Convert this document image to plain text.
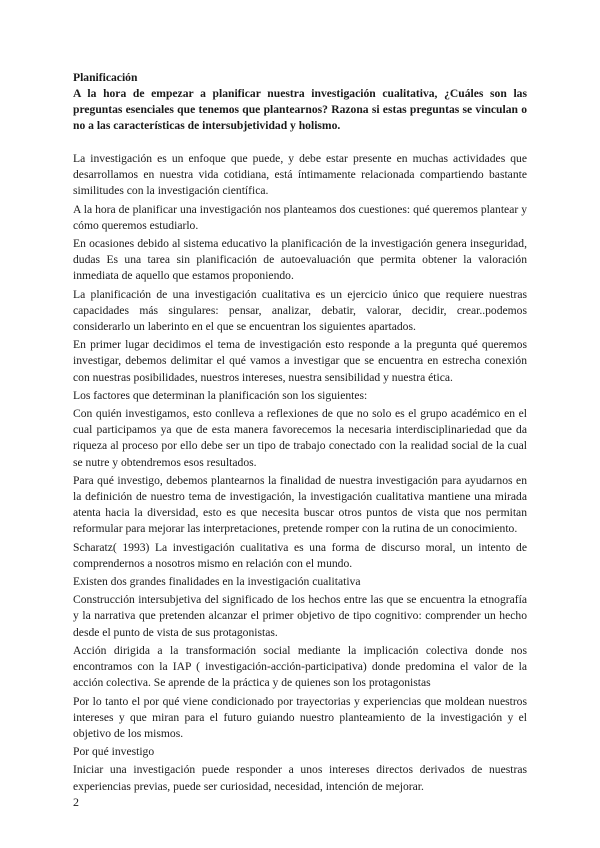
Planificación

A la hora de empezar a planificar nuestra investigación cualitativa, ¿Cuáles son las preguntas esenciales que tenemos que plantearnos? Razona si estas preguntas se vinculan o no a las características de intersubjetividad y holismo.

La investigación es un enfoque que puede, y debe estar presente en muchas actividades que desarrollamos en nuestra vida cotidiana, está íntimamente relacionada compartiendo bastante similitudes con la investigación científica.

A la hora de planificar una investigación nos planteamos dos cuestiones: qué queremos plantear y cómo queremos estudiarlo.

En ocasiones debido al sistema educativo la planificación de la investigación genera inseguridad, dudas Es una tarea sin planificación de autoevaluación que permita obtener la valoración inmediata de aquello que estamos proponiendo.

La planificación de una investigación cualitativa es un ejercicio único que requiere nuestras capacidades más singulares: pensar, analizar, debatir, valorar, decidir, crear..podemos considerarlo un laberinto en el que se encuentran los siguientes apartados.

En primer lugar decidimos el tema de investigación esto responde a la pregunta qué queremos investigar, debemos delimitar el qué vamos a investigar que se encuentra en estrecha conexión con nuestras posibilidades, nuestros intereses, nuestra sensibilidad y nuestra ética.

Los factores que determinan la planificación son los siguientes:

Con quién investigamos, esto conlleva a reflexiones de que no solo es el grupo académico en el cual participamos ya que de esta manera favorecemos la necesaria interdisciplinariedad que da riqueza al proceso por ello debe ser un tipo de trabajo conectado con la realidad social de la cual se nutre y obtendremos esos resultados.

Para qué investigo, debemos plantearnos la finalidad de nuestra investigación para ayudarnos en la definición de nuestro tema de investigación, la investigación cualitativa mantiene una mirada atenta hacia la diversidad, esto es que necesita buscar otros puntos de vista que nos permitan reformular para mejorar las interpretaciones, pretende romper con la rutina de un conocimiento.

Scharatz( 1993) La investigación cualitativa es una forma de discurso moral, un intento de comprendernos a nosotros mismo en relación con el mundo.

Existen dos grandes finalidades en la investigación cualitativa

Construcción intersubjetiva del significado de los hechos entre las que se encuentra la etnografía y la narrativa que pretenden alcanzar el primer objetivo de tipo cognitivo: comprender un hecho desde el punto de vista de sus protagonistas.

Acción dirigida a la transformación social mediante la implicación colectiva donde nos encontramos con la IAP ( investigación-acción-participativa) donde predomina el valor de la acción colectiva. Se aprende de la práctica y de quienes son los protagonistas

Por lo tanto el por qué viene condicionado por trayectorias y experiencias que moldean nuestros intereses y que miran para el futuro guiando nuestro planteamiento de la investigación y el objetivo de los mismos.

Por qué investigo

Iniciar una investigación puede responder a unos intereses directos derivados de nuestras experiencias previas, puede ser curiosidad, necesidad, intención de mejorar.

2
